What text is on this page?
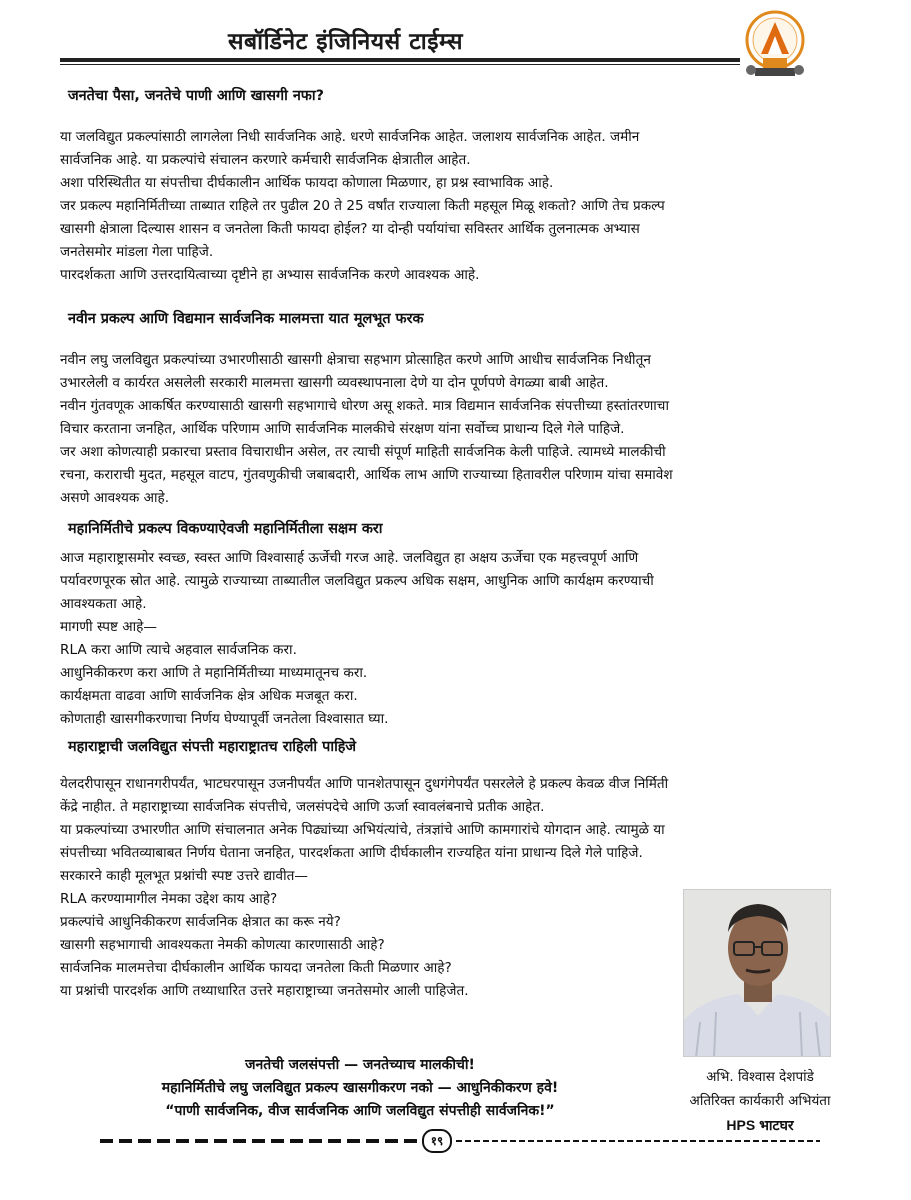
सबॉर्डिनेट इंजिनियर्स टाईम्स
जनतेचा पैसा, जनतेचे पाणी आणि खासगी नफा?

या जलविद्युत प्रकल्पांसाठी लागलेला निधी सार्वजनिक आहे. धरणे सार्वजनिक आहेत. जलाशय सार्वजनिक आहेत. जमीन

सार्वजनिक आहे. या प्रकल्पांचे संचालन करणारे कर्मचारी सार्वजनिक क्षेत्रातील आहेत.

अशा परिस्थितीत या संपत्तीचा दीर्घकालीन आर्थिक फायदा कोणाला मिळणार, हा प्रश्न स्वाभाविक आहे.

जर प्रकल्प महानिर्मितीच्या ताब्यात राहिले तर पुढील 20 ते 25 वर्षांत राज्याला किती महसूल मिळू शकतो? आणि तेच प्रकल्प

खासगी क्षेत्राला दिल्यास शासन व जनतेला किती फायदा होईल? या दोन्ही पर्यायांचा सविस्तर आर्थिक तुलनात्मक अभ्यास

जनतेसमोर मांडला गेला पाहिजे.

पारदर्शकता आणि उत्तरदायित्वाच्या दृष्टीने हा अभ्यास सार्वजनिक करणे आवश्यक आहे.

नवीन प्रकल्प आणि विद्यमान सार्वजनिक मालमत्ता यात मूलभूत फरक

नवीन लघु जलविद्युत प्रकल्पांच्या उभारणीसाठी खासगी क्षेत्राचा सहभाग प्रोत्साहित करणे आणि आधीच सार्वजनिक निधीतून

उभारलेली व कार्यरत असलेली सरकारी मालमत्ता खासगी व्यवस्थापनाला देणे या दोन पूर्णपणे वेगळ्या बाबी आहेत.

नवीन गुंतवणूक आकर्षित करण्यासाठी खासगी सहभागाचे धोरण असू शकते. मात्र विद्यमान सार्वजनिक संपत्तीच्या हस्तांतरणाचा

विचार करताना जनहित, आर्थिक परिणाम आणि सार्वजनिक मालकीचे संरक्षण यांना सर्वोच्च प्राधान्य दिले गेले पाहिजे.

जर अशा कोणत्याही प्रकारचा प्रस्ताव विचाराधीन असेल, तर त्याची संपूर्ण माहिती सार्वजनिक केली पाहिजे. त्यामध्ये मालकीची

रचना, कराराची मुदत, महसूल वाटप, गुंतवणुकीची जबाबदारी, आर्थिक लाभ आणि राज्याच्या हितावरील परिणाम यांचा समावेश

असणे आवश्यक आहे.

महानिर्मितीचे प्रकल्प विकण्याऐवजी महानिर्मितीला सक्षम करा

आज महाराष्ट्रासमोर स्वच्छ, स्वस्त आणि विश्वासार्ह ऊर्जेची गरज आहे. जलविद्युत हा अक्षय ऊर्जेचा एक महत्त्वपूर्ण आणि

पर्यावरणपूरक स्रोत आहे. त्यामुळे राज्याच्या ताब्यातील जलविद्युत प्रकल्प अधिक सक्षम, आधुनिक आणि कार्यक्षम करण्याची

आवश्यकता आहे.

मागणी स्पष्ट आहे—

RLA करा आणि त्याचे अहवाल सार्वजनिक करा.

आधुनिकीकरण करा आणि ते महानिर्मितीच्या माध्यमातूनच करा.

कार्यक्षमता वाढवा आणि सार्वजनिक क्षेत्र अधिक मजबूत करा.

कोणताही खासगीकरणाचा निर्णय घेण्यापूर्वी जनतेला विश्वासात घ्या.

महाराष्ट्राची जलविद्युत संपत्ती महाराष्ट्रातच राहिली पाहिजे

येलदरीपासून राधानगरीपर्यंत, भाटघरपासून उजनीपर्यंत आणि पानशेतपासून दुधगंगेपर्यंत पसरलेले हे प्रकल्प केवळ वीज निर्मिती

केंद्रे नाहीत. ते महाराष्ट्राच्या सार्वजनिक संपत्तीचे, जलसंपदेचे आणि ऊर्जा स्वावलंबनाचे प्रतीक आहेत.

या प्रकल्पांच्या उभारणीत आणि संचालनात अनेक पिढ्यांच्या अभियंत्यांचे, तंत्रज्ञांचे आणि कामगारांचे योगदान आहे. त्यामुळे या

संपत्तीच्या भवितव्याबाबत निर्णय घेताना जनहित, पारदर्शकता आणि दीर्घकालीन राज्यहित यांना प्राधान्य दिले गेले पाहिजे.

सरकारने काही मूलभूत प्रश्नांची स्पष्ट उत्तरे द्यावीत—

RLA करण्यामागील नेमका उद्देश काय आहे?

प्रकल्पांचे आधुनिकीकरण सार्वजनिक क्षेत्रात का करू नये?

खासगी सहभागाची आवश्यकता नेमकी कोणत्या कारणासाठी आहे?

सार्वजनिक मालमत्तेचा दीर्घकालीन आर्थिक फायदा जनतेला किती मिळणार आहे?

या प्रश्नांची पारदर्शक आणि तथ्याधारित उत्तरे महाराष्ट्राच्या जनतेसमोर आली पाहिजेत.

जनतेची जलसंपत्ती — जनतेच्याच मालकीची!
महानिर्मितीचे लघु जलविद्युत प्रकल्प खासगीकरण नको — आधुनिकीकरण हवे!
“पाणी सार्वजनिक, वीज सार्वजनिक आणि जलविद्युत संपत्तीही सार्वजनिक!”
अभि. विश्वास देशपांडे
अतिरिक्त कार्यकारी अभियंता
HPS भाटघर
१९
